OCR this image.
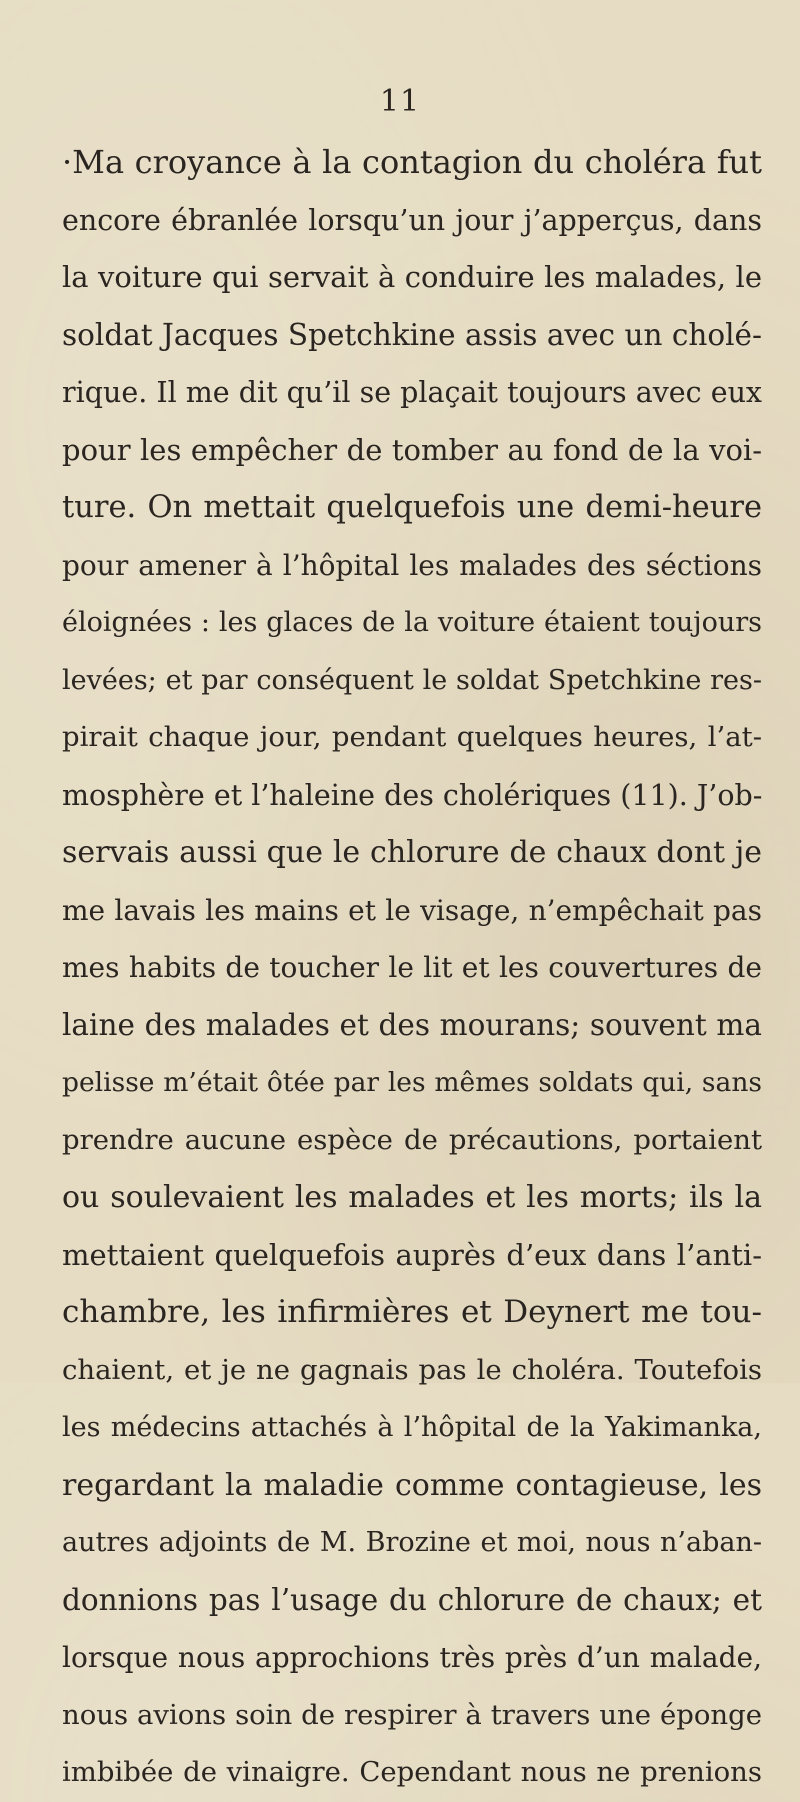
11
·Ma croyance à la contagion du choléra fut
encore ébranlée lorsqu’un jour j’apperçus, dans
la voiture qui servait à conduire les malades, le
soldat Jacques Spetchkine assis avec un cholé-
rique. Il me dit qu’il se plaçait toujours avec eux
pour les empêcher de tomber au fond de la voi-
ture. On mettait quelquefois une demi-heure
pour amener à l’hôpital les malades des séctions
éloignées : les glaces de la voiture étaient toujours
levées; et par conséquent le soldat Spetchkine res-
pirait chaque jour, pendant quelques heures, l’at-
mosphère et l’haleine des cholériques (11). J’ob-
servais aussi que le chlorure de chaux dont je
me lavais les mains et le visage, n’empêchait pas
mes habits de toucher le lit et les couvertures de
laine des malades et des mourans; souvent ma
pelisse m’était ôtée par les mêmes soldats qui, sans
prendre aucune espèce de précautions, portaient
ou soulevaient les malades et les morts; ils la
mettaient quelquefois auprès d’eux dans l’anti-
chambre, les infirmières et Deynert me tou-
chaient, et je ne gagnais pas le choléra. Toutefois
les médecins attachés à l’hôpital de la Yakimanka,
regardant la maladie comme contagieuse, les
autres adjoints de M. Brozine et moi, nous n’aban-
donnions pas l’usage du chlorure de chaux; et
lorsque nous approchions très près d’un malade,
nous avions soin de respirer à travers une éponge
imbibée de vinaigre. Cependant nous ne prenions
